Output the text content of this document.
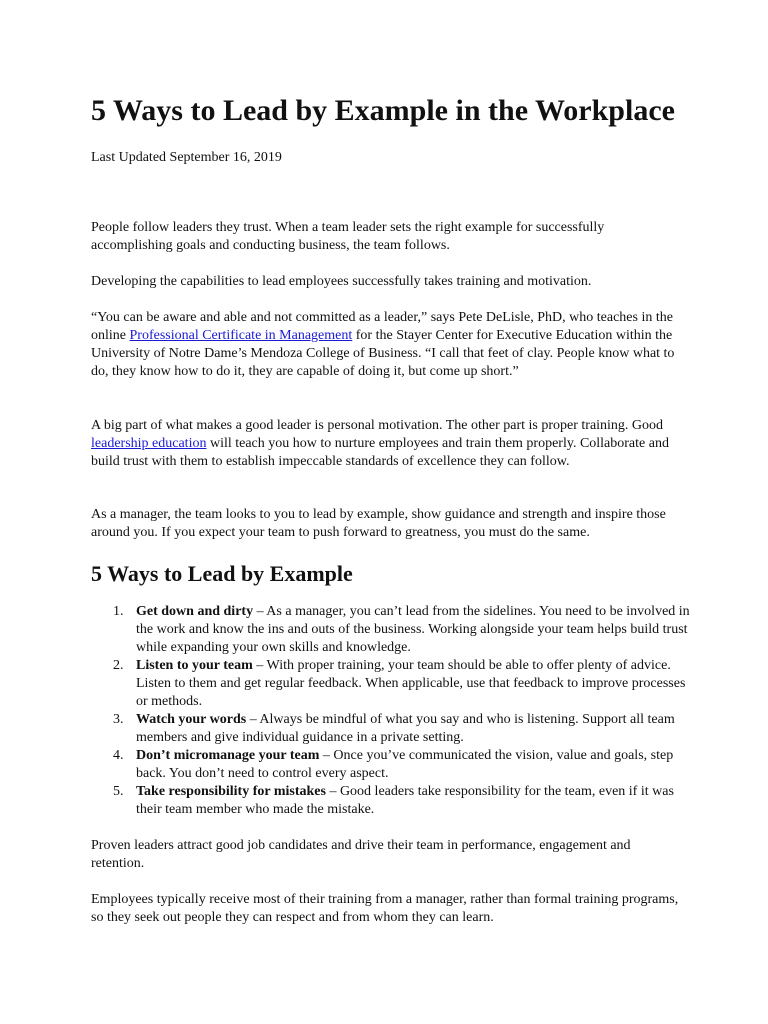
5 Ways to Lead by Example in the Workplace

Last Updated September 16, 2019

People follow leaders they trust. When a team leader sets the right example for successfully accomplishing goals and conducting business, the team follows.

Developing the capabilities to lead employees successfully takes training and motivation.

“You can be aware and able and not committed as a leader,” says Pete DeLisle, PhD, who teaches in the online Professional Certificate in Management for the Stayer Center for Executive Education within the University of Notre Dame’s Mendoza College of Business. “I call that feet of clay. People know what to do, they know how to do it, they are capable of doing it, but come up short.”

A big part of what makes a good leader is personal motivation. The other part is proper training. Good leadership education will teach you how to nurture employees and train them properly. Collaborate and build trust with them to establish impeccable standards of excellence they can follow.

As a manager, the team looks to you to lead by example, show guidance and strength and inspire those around you. If you expect your team to push forward to greatness, you must do the same.

5 Ways to Lead by Example
1. Get down and dirty – As a manager, you can’t lead from the sidelines. You need to be involved in the work and know the ins and outs of the business. Working alongside your team helps build trust while expanding your own skills and knowledge.
2. Listen to your team – With proper training, your team should be able to offer plenty of advice. Listen to them and get regular feedback. When applicable, use that feedback to improve processes or methods.
3. Watch your words – Always be mindful of what you say and who is listening. Support all team members and give individual guidance in a private setting.
4. Don’t micromanage your team – Once you’ve communicated the vision, value and goals, step back. You don’t need to control every aspect.
5. Take responsibility for mistakes – Good leaders take responsibility for the team, even if it was their team member who made the mistake.

Proven leaders attract good job candidates and drive their team in performance, engagement and retention.

Employees typically receive most of their training from a manager, rather than formal training programs, so they seek out people they can respect and from whom they can learn.
